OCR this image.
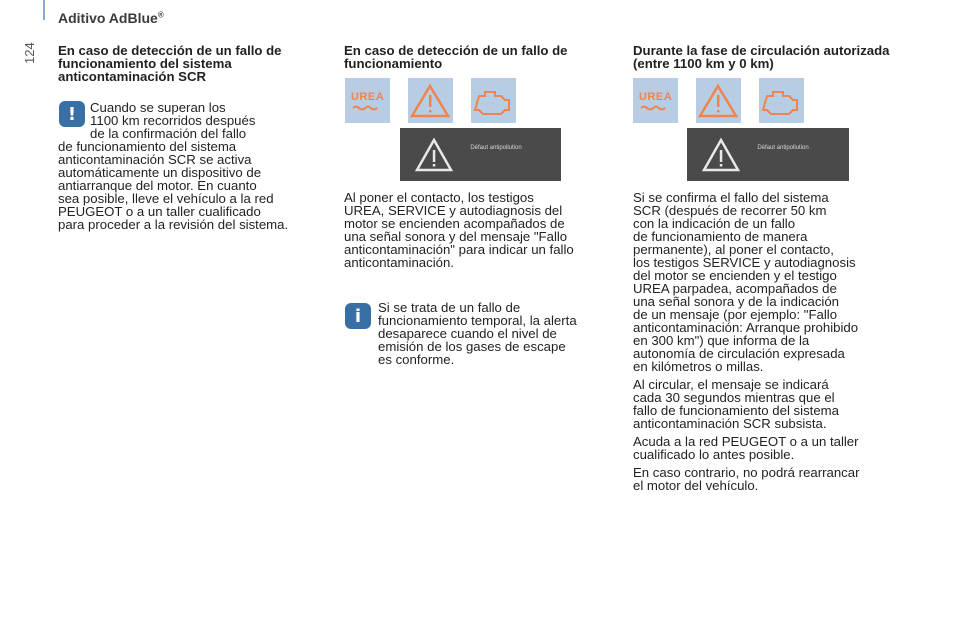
Aditivo AdBlue®
124 En caso de detección de un fallo de funcionamiento del sistema anticontaminación SCR

!	Cuando se superan los
1100 km recorridos después
de la confirmación del fallo
de funcionamiento del sistema
anticontaminación SCR se activa
automáticamente un dispositivo de
antiarranque del motor. En cuanto
sea posible, lleve el vehículo a la red
PEUGEOT o a un taller cualificado
para proceder a la revisión del sistema.

En caso de detección de un fallo de funcionamiento

UREA
Défaut antipollution
Al poner el contacto, los testigos
UREA, SERVICE y autodiagnosis del
motor se encienden acompañados de
una señal sonora y del mensaje "Fallo
anticontaminación" para indicar un fallo
anticontaminación.
i	Si se trata de un fallo de
funcionamiento temporal, la alerta
desaparece cuando el nivel de
emisión de los gases de escape
es conforme.

Durante la fase de circulación autorizada (entre 1100 km y 0 km)

UREA
Défaut antipollution
Si se confirma el fallo del sistema
SCR (después de recorrer 50 km
con la indicación de un fallo
de funcionamiento de manera
permanente), al poner el contacto,
los testigos SERVICE y autodiagnosis
del motor se encienden y el testigo
UREA parpadea, acompañados de
una señal sonora y de la indicación
de un mensaje (por ejemplo: "Fallo
anticontaminación: Arranque prohibido
en 300 km") que informa de la
autonomía de circulación expresada
en kilómetros o millas.
Al circular, el mensaje se indicará
cada 30 segundos mientras que el
fallo de funcionamiento del sistema
anticontaminación SCR subsista.
Acuda a la red PEUGEOT o a un taller
cualificado lo antes posible.
En caso contrario, no podrá rearrancar
el motor del vehículo.
